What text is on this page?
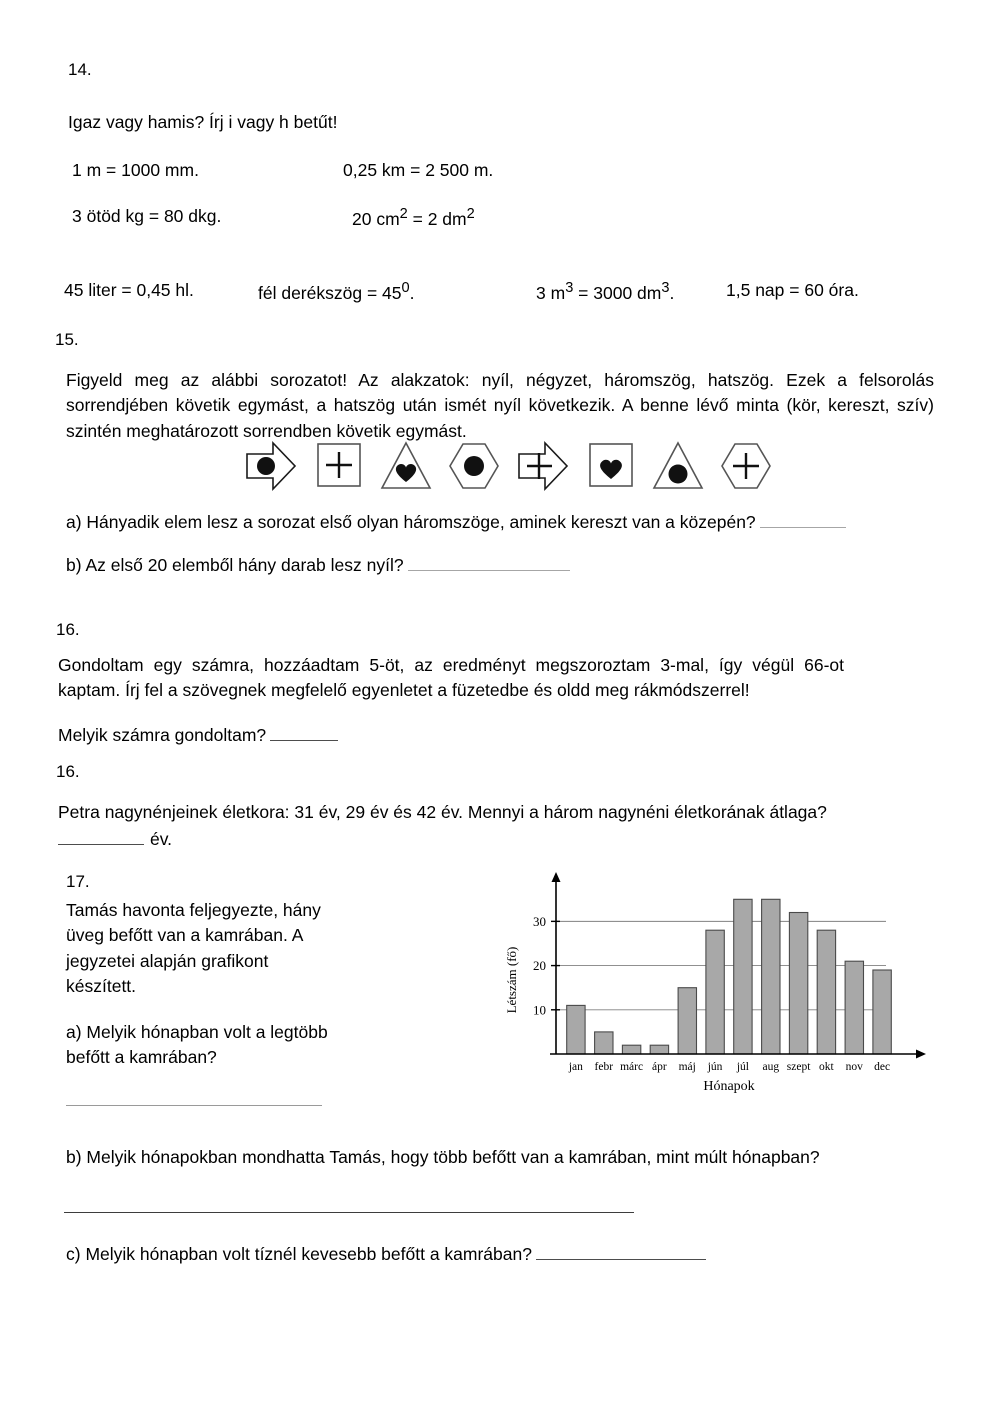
14.
Igaz vagy hamis? Írj i vagy h betűt!
1 m = 1000 mm.	0,25 km = 2 500 m.
3 ötöd kg = 80 dkg.	20 $cm^2 = 2$ $dm^2$
45 liter = 0,45 hl.	fél derékszög = $45^0$.	3 $m^3 = 3000$ $dm^3$.	1,5 nap = 60 óra.
15.
Figyeld meg az alábbi sorozatot! Az alakzatok: nyíl, négyzet, háromszög, hatszög. Ezek a felsorolás sorrendjében követik egymást, a hatszög után ismét nyíl következik. A benne lévő minta (kör, kereszt, szív) szintén meghatározott sorrendben követik egymást.
a) Hányadik elem lesz a sorozat első olyan háromszöge, aminek kereszt van a közepén?
b) Az első 20 elemből hány darab lesz nyíl?
16.
Gondoltam egy számra, hozzáadtam 5-öt, az eredményt megszoroztam 3-mal, így végül 66-ot kaptam. Írj fel a szövegnek megfelelő egyenletet a füzetedbe és oldd meg rákmódszerrel!
Melyik számra gondoltam?
16.
Petra nagynénjeinek életkora: 31 év, 29 év és 42 év. Mennyi a három nagynéni életkorának átlaga?
év.
17.
Tamás havonta feljegyezte, hány üveg befőtt van a kamrában. A jegyzetei alapján grafikont készített.
a) Melyik hónapban volt a legtöbb befőtt a kamrában?
b) Melyik hónapokban mondhatta Tamás, hogy több befőtt van a kamrában, mint múlt hónapban?
c) Melyik hónapban volt tíznél kevesebb befőtt a kamrában?
10
20
30
jan febr márc ápr máj jún júl aug szept okt nov dec
Létszám (fő)
Hónapok
